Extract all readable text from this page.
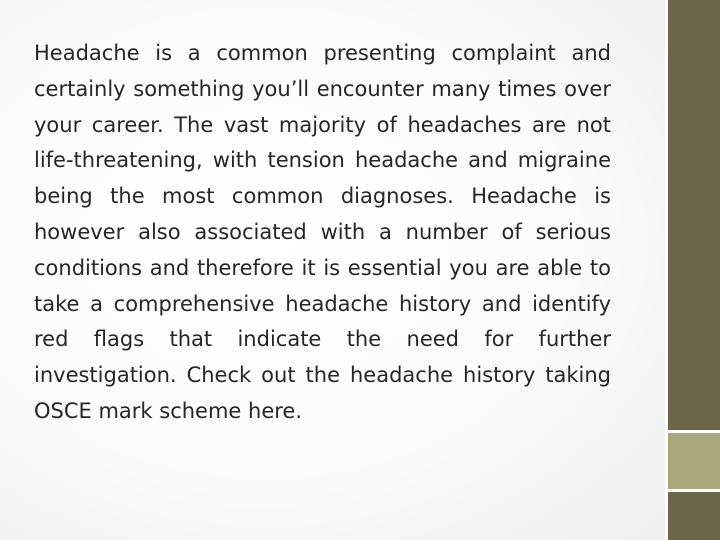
Headache is a common presenting complaint and certainly something you’ll encounter many times over your career. The vast majority of headaches are not life-threatening, with tension headache and migraine being the most common diagnoses. Headache is however also associated with a number of serious conditions and therefore it is essential you are able to take a comprehensive headache history and identify red flags that indicate the need for further investigation. Check out the headache history taking OSCE mark scheme here.
